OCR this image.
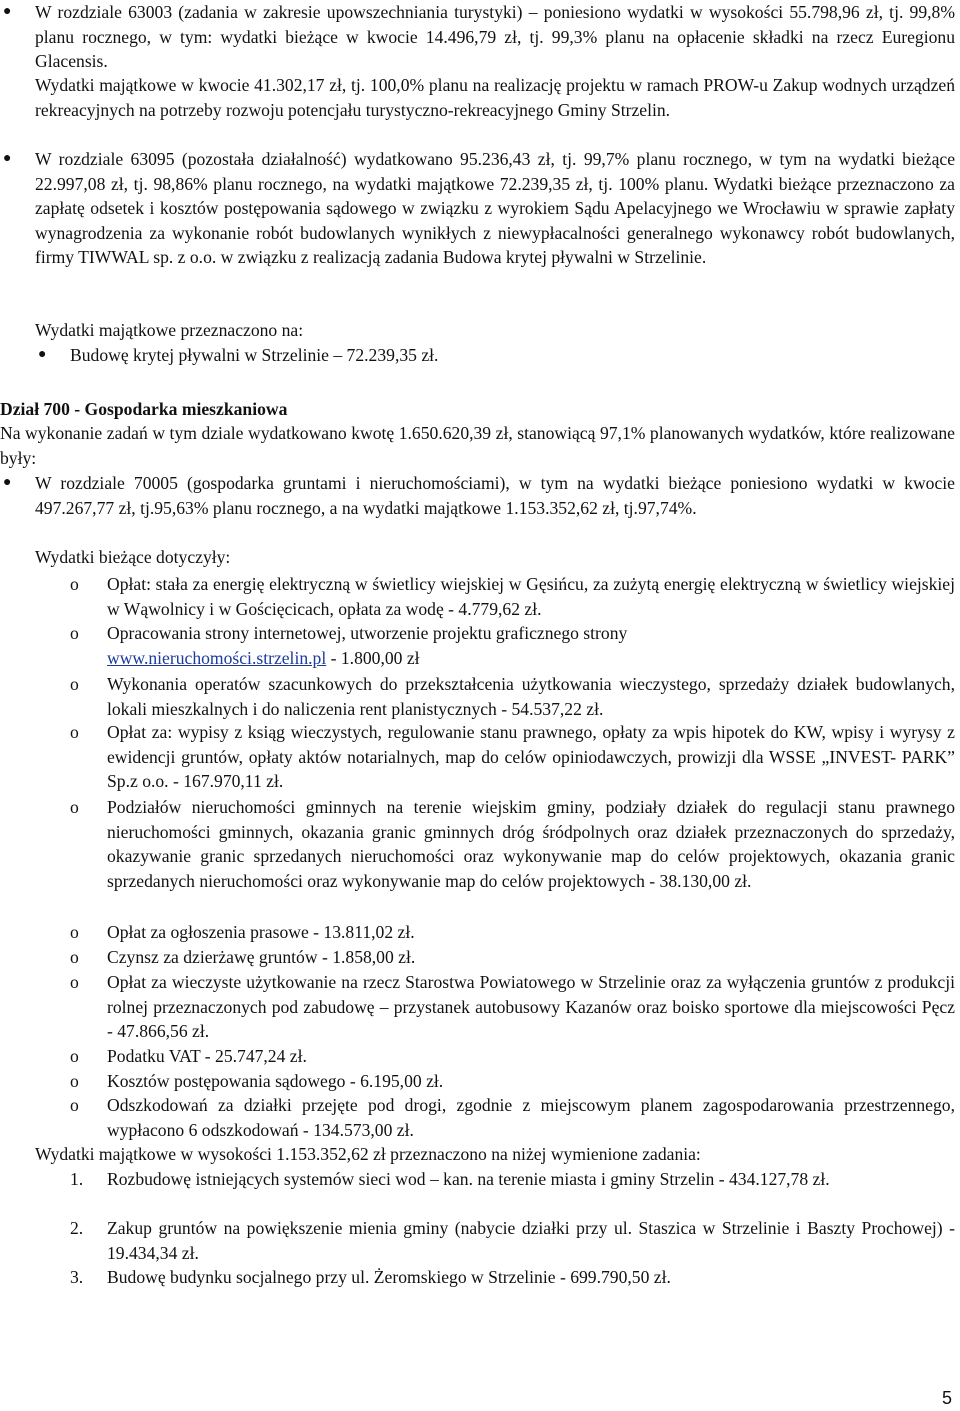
● W rozdziale 63003 (zadania w zakresie upowszechniania turystyki) – poniesiono wydatki w wysokości 55.798,96 zł, tj. 99,8% planu rocznego, w tym: wydatki bieżące w kwocie 14.496,79 zł, tj. 99,3% planu na opłacenie składki na rzecz Euregionu Glacensis.

Wydatki majątkowe w kwocie 41.302,17 zł, tj. 100,0% planu na realizację projektu w ramach PROW-u Zakup wodnych urządzeń rekreacyjnych na potrzeby rozwoju potencjału turystyczno-rekreacyjnego Gminy Strzelin.

● W rozdziale 63095 (pozostała działalność) wydatkowano 95.236,43 zł, tj. 99,7% planu rocznego, w tym na wydatki bieżące 22.997,08 zł, tj. 98,86% planu rocznego, na wydatki majątkowe 72.239,35 zł, tj. 100% planu. Wydatki bieżące przeznaczono za zapłatę odsetek i kosztów postępowania sądowego w związku z wyrokiem Sądu Apelacyjnego we Wrocławiu w sprawie zapłaty wynagrodzenia za wykonanie robót budowlanych wynikłych z niewypłacalności generalnego wykonawcy robót budowlanych, firmy TIWWAL sp. z o.o. w związku z realizacją zadania Budowa krytej pływalni w Strzelinie.

Wydatki majątkowe przeznaczono na:

● Budowę krytej pływalni w Strzelinie – 72.239,35 zł.

Dział 700 - Gospodarka mieszkaniowa

Na wykonanie zadań w tym dziale wydatkowano kwotę 1.650.620,39 zł, stanowiącą 97,1% planowanych wydatków, które realizowane były:

● W rozdziale 70005 (gospodarka gruntami i nieruchomościami), w tym na wydatki bieżące poniesiono wydatki w kwocie 497.267,77 zł, tj.95,63% planu rocznego, a na wydatki majątkowe 1.153.352,62 zł, tj.97,74%.

Wydatki bieżące dotyczyły:

o Opłat: stała za energię elektryczną w świetlicy wiejskiej w Gęsińcu, za zużytą energię elektryczną w świetlicy wiejskiej w Wąwolnicy i w Gościęcicach, opłata za wodę - 4.779,62 zł.

o Opracowania strony internetowej, utworzenie projektu graficznego strony
www.nieruchomości.strzelin.pl - 1.800,00 zł

o Wykonania operatów szacunkowych do przekształcenia użytkowania wieczystego, sprzedaży działek budowlanych, lokali mieszkalnych i do naliczenia rent planistycznych - 54.537,22 zł.

o Opłat za: wypisy z ksiąg wieczystych, regulowanie stanu prawnego, opłaty za wpis hipotek do KW, wpisy i wyrysy z ewidencji gruntów, opłaty aktów notarialnych, map do celów opiniodawczych, prowizji dla WSSE „INVEST- PARK” Sp.z o.o. - 167.970,11 zł.

o Podziałów nieruchomości gminnych na terenie wiejskim gminy, podziały działek do regulacji stanu prawnego nieruchomości gminnych, okazania granic gminnych dróg śródpolnych oraz działek przeznaczonych do sprzedaży, okazywanie granic sprzedanych nieruchomości oraz wykonywanie map do celów projektowych, okazania granic sprzedanych nieruchomości oraz wykonywanie map do celów projektowych - 38.130,00 zł.

o Opłat za ogłoszenia prasowe - 13.811,02 zł.

o Czynsz za dzierżawę gruntów - 1.858,00 zł.

o Opłat za wieczyste użytkowanie na rzecz Starostwa Powiatowego w Strzelinie oraz za wyłączenia gruntów z produkcji rolnej przeznaczonych pod zabudowę – przystanek autobusowy Kazanów oraz boisko sportowe dla miejscowości Pęcz - 47.866,56 zł.

o Podatku VAT - 25.747,24 zł.

o Kosztów postępowania sądowego - 6.195,00 zł.

o Odszkodowań za działki przejęte pod drogi, zgodnie z miejscowym planem zagospodarowania przestrzennego, wypłacono 6 odszkodowań - 134.573,00 zł.

Wydatki majątkowe w wysokości 1.153.352,62 zł przeznaczono na niżej wymienione zadania:

1. Rozbudowę istniejących systemów sieci wod – kan. na terenie miasta i gminy Strzelin - 434.127,78 zł.

2. Zakup gruntów na powiększenie mienia gminy (nabycie działki przy ul. Staszica w Strzelinie i Baszty Prochowej) - 19.434,34 zł.

3. Budowę budynku socjalnego przy ul. Żeromskiego w Strzelinie - 699.790,50 zł.

5
